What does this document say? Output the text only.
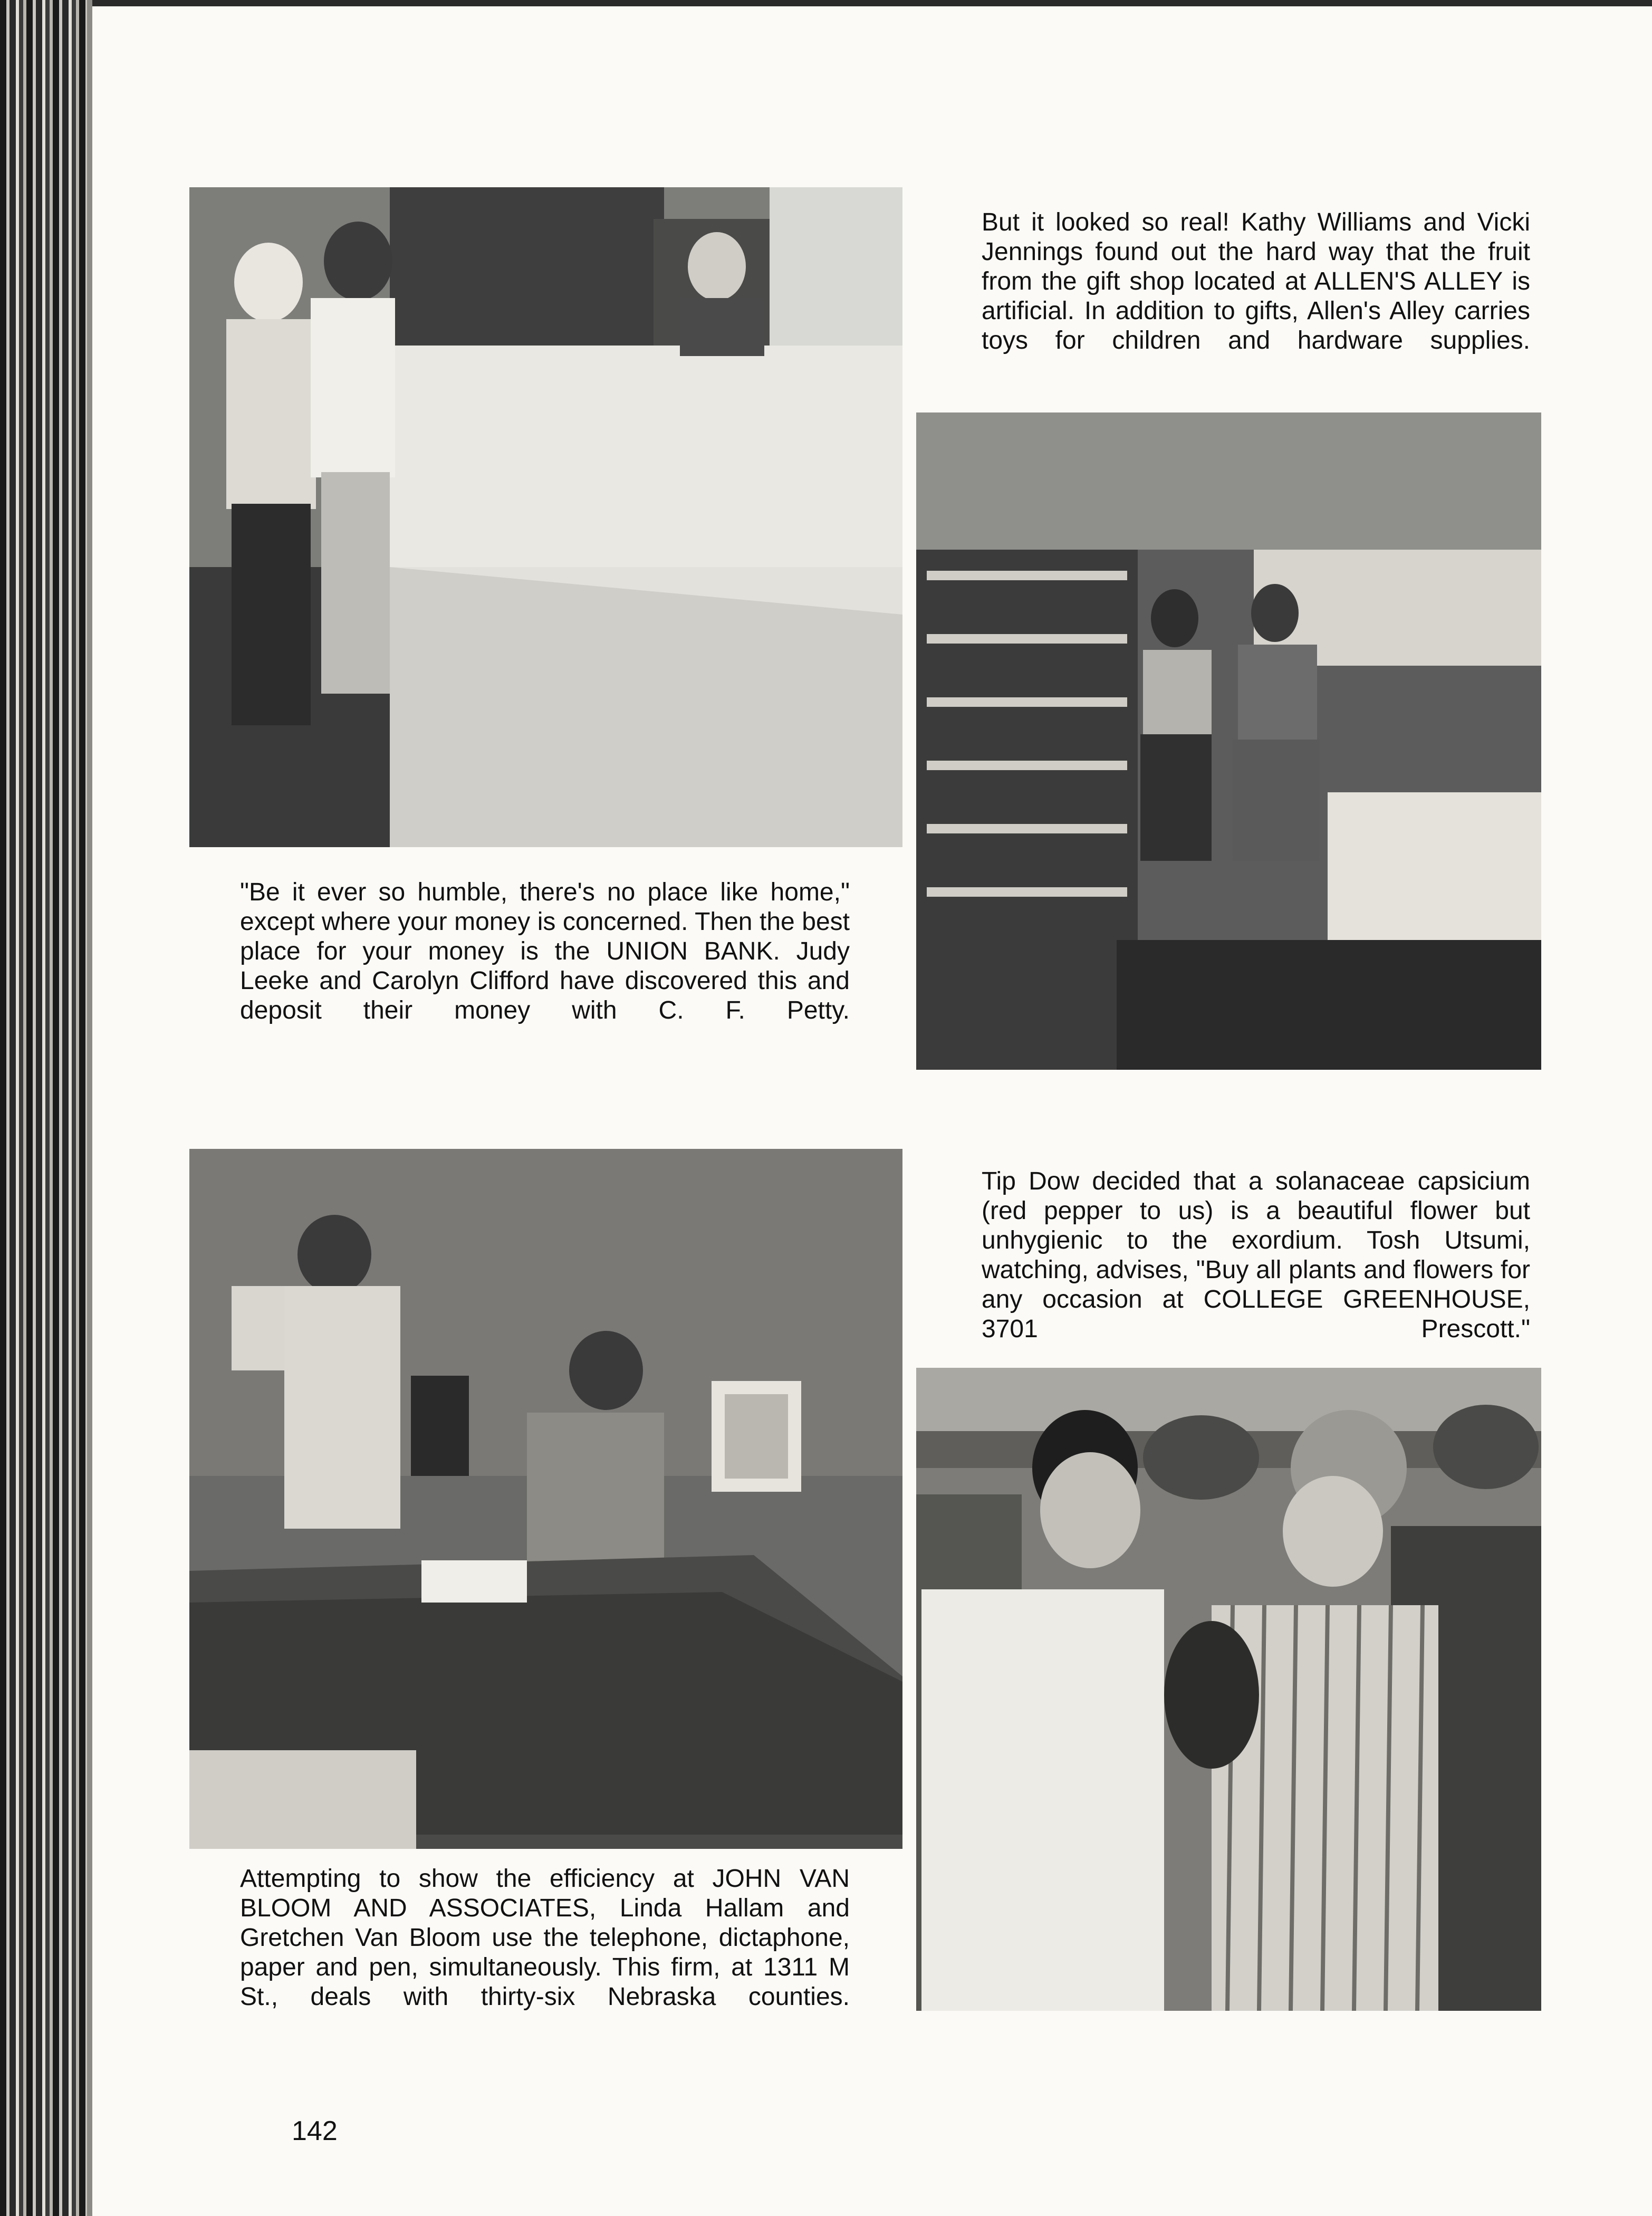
"Be it ever so humble, there's no place like home," except where your money is concerned. Then the best place for your money is the UNION BANK. Judy Leeke and Carolyn Clifford have discovered this and deposit their money with C. F. Petty.

But it looked so real! Kathy Williams and Vicki Jennings found out the hard way that the fruit from the gift shop located at ALLEN'S ALLEY is artificial. In addition to gifts, Allen's Alley carries toys for children and hardware supplies.

Attempting to show the efficiency at JOHN VAN BLOOM AND ASSOCIATES, Linda Hallam and Gretchen Van Bloom use the telephone, dictaphone, paper and pen, simultaneously. This firm, at 1311 M St., deals with thirty-six Nebraska counties.

Tip Dow decided that a solanaceae capsicium (red pepper to us) is a beautiful flower but unhygienic to the exordium. Tosh Utsumi, watching, advises, "Buy all plants and flowers for any occasion at COLLEGE GREENHOUSE, 3701 Prescott."

142
